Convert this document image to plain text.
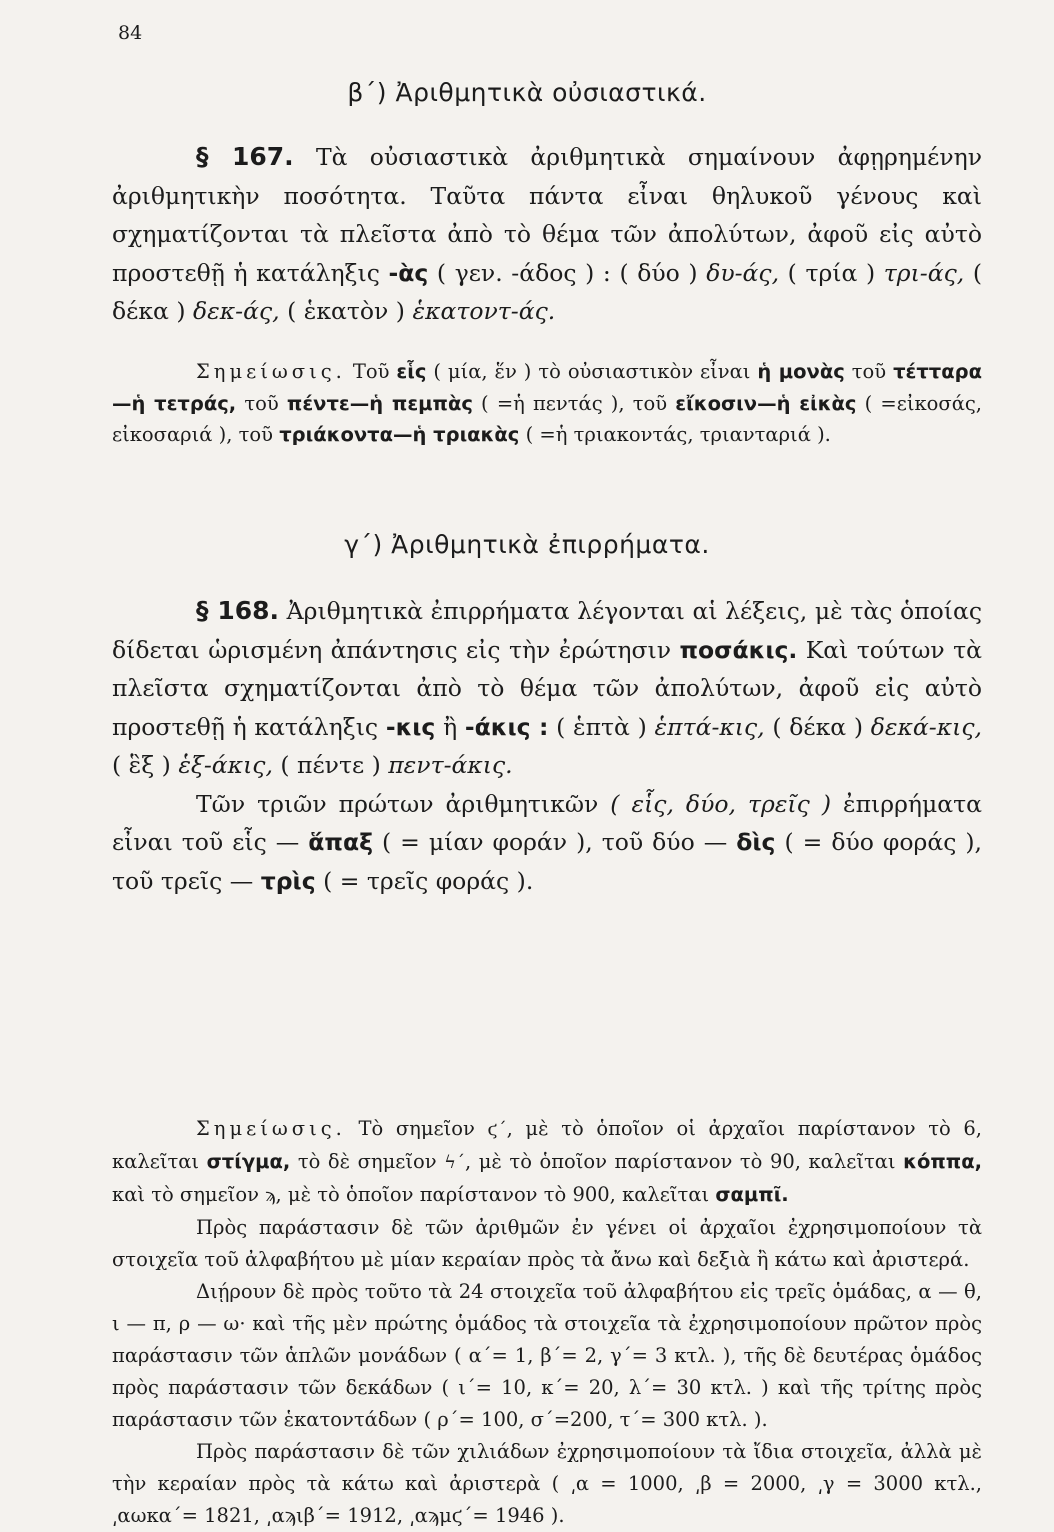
84
β΄) Ἀριθμητικὰ οὐσιαστικά.

§ 167. Τὰ οὐσιαστικὰ ἀριθμητικὰ σημαίνουν ἀφῃρημένην ἀριθμητικὴν ποσότητα. Ταῦτα πάντα εἶναι θηλυκοῦ γένους καὶ σχηματίζονται τὰ πλεῖστα ἀπὸ τὸ θέμα τῶν ἀπολύτων, ἀφοῦ εἰς αὐτὸ προστεθῇ ἡ κατάληξις -ὰς ( γεν. -άδος ) : ( δύο ) δυ-άς, ( τρία ) τρι-άς, ( δέκα ) δεκ-άς, ( ἑκατὸν ) ἑκατοντ-άς.

Σημείωσις. Τοῦ εἷς ( μία, ἕν ) τὸ οὐσιαστικὸν εἶναι ἡ μονὰς τοῦ τέτταρα—ἡ τετράς, τοῦ πέντε—ἡ πεμπὰς ( =ἡ πεντάς ), τοῦ εἴκοσιν—ἡ εἰκὰς ( =εἰκοσάς, εἰκοσαριά ), τοῦ τριάκοντα—ἡ τριακὰς ( =ἡ τριακοντάς, τριανταριά ).

γ΄) Ἀριθμητικὰ ἐπιρρήματα.

§ 168. Ἀριθμητικὰ ἐπιρρήματα λέγονται αἱ λέξεις, μὲ τὰς ὁποίας δίδεται ὡρισμένη ἀπάντησις εἰς τὴν ἐρώτησιν ποσάκις. Καὶ τούτων τὰ πλεῖστα σχηματίζονται ἀπὸ τὸ θέμα τῶν ἀπολύτων, ἀφοῦ εἰς αὐτὸ προστεθῇ ἡ κατάληξις -κις ἢ -άκις : ( ἑπτὰ ) ἑπτά-κις, ( δέκα ) δεκά-κις, ( ἓξ ) ἑξ-άκις, ( πέντε ) πεντ-άκις.

Τῶν τριῶν πρώτων ἀριθμητικῶν ( εἷς, δύο, τρεῖς ) ἐπιρρήματα εἶναι τοῦ εἷς — ἅπαξ ( = μίαν φοράν ), τοῦ δύο — δὶς ( = δύο φοράς ), τοῦ τρεῖς — τρὶς ( = τρεῖς φοράς ).

Σημείωσις. Τὸ σημεῖον ϛ΄, μὲ τὸ ὁποῖον οἱ ἀρχαῖοι παρίστανον τὸ 6, καλεῖται στίγμα, τὸ δὲ σημεῖον ϟ΄, μὲ τὸ ὁποῖον παρίστανον τὸ 90, καλεῖται κόππα, καὶ τὸ σημεῖον ϡ, μὲ τὸ ὁποῖον παρίστανον τὸ 900, καλεῖται σαμπῖ.

Πρὸς παράστασιν δὲ τῶν ἀριθμῶν ἐν γένει οἱ ἀρχαῖοι ἐχρησιμοποίουν τὰ στοιχεῖα τοῦ ἀλφαβήτου μὲ μίαν κεραίαν πρὸς τὰ ἄνω καὶ δεξιὰ ἢ κάτω καὶ ἀριστερά.

Διῄρουν δὲ πρὸς τοῦτο τὰ 24 στοιχεῖα τοῦ ἀλφαβήτου εἰς τρεῖς ὁμάδας, α — θ, ι — π, ρ — ω· καὶ τῆς μὲν πρώτης ὁμάδος τὰ στοιχεῖα τὰ ἐχρησιμοποίουν πρῶτον πρὸς παράστασιν τῶν ἁπλῶν μονάδων ( α΄= 1, β΄= 2, γ΄= 3 κτλ. ), τῆς δὲ δευτέρας ὁμάδος πρὸς παράστασιν τῶν δεκάδων ( ι΄= 10, κ΄= 20, λ΄= 30 κτλ. ) καὶ τῆς τρίτης πρὸς παράστασιν τῶν ἑκατοντάδων ( ρ΄= 100, σ΄=200, τ΄= 300 κτλ. ).

Πρὸς παράστασιν δὲ τῶν χιλιάδων ἐχρησιμοποίουν τὰ ἴδια στοιχεῖα, ἀλλὰ μὲ τὴν κεραίαν πρὸς τὰ κάτω καὶ ἀριστερὰ ( ͵α = 1000, ͵β = 2000, ͵γ = 3000 κτλ., ͵αωκα΄= 1821, ͵αϡιβ΄= 1912, ͵αϡμϛ΄= 1946 ).
